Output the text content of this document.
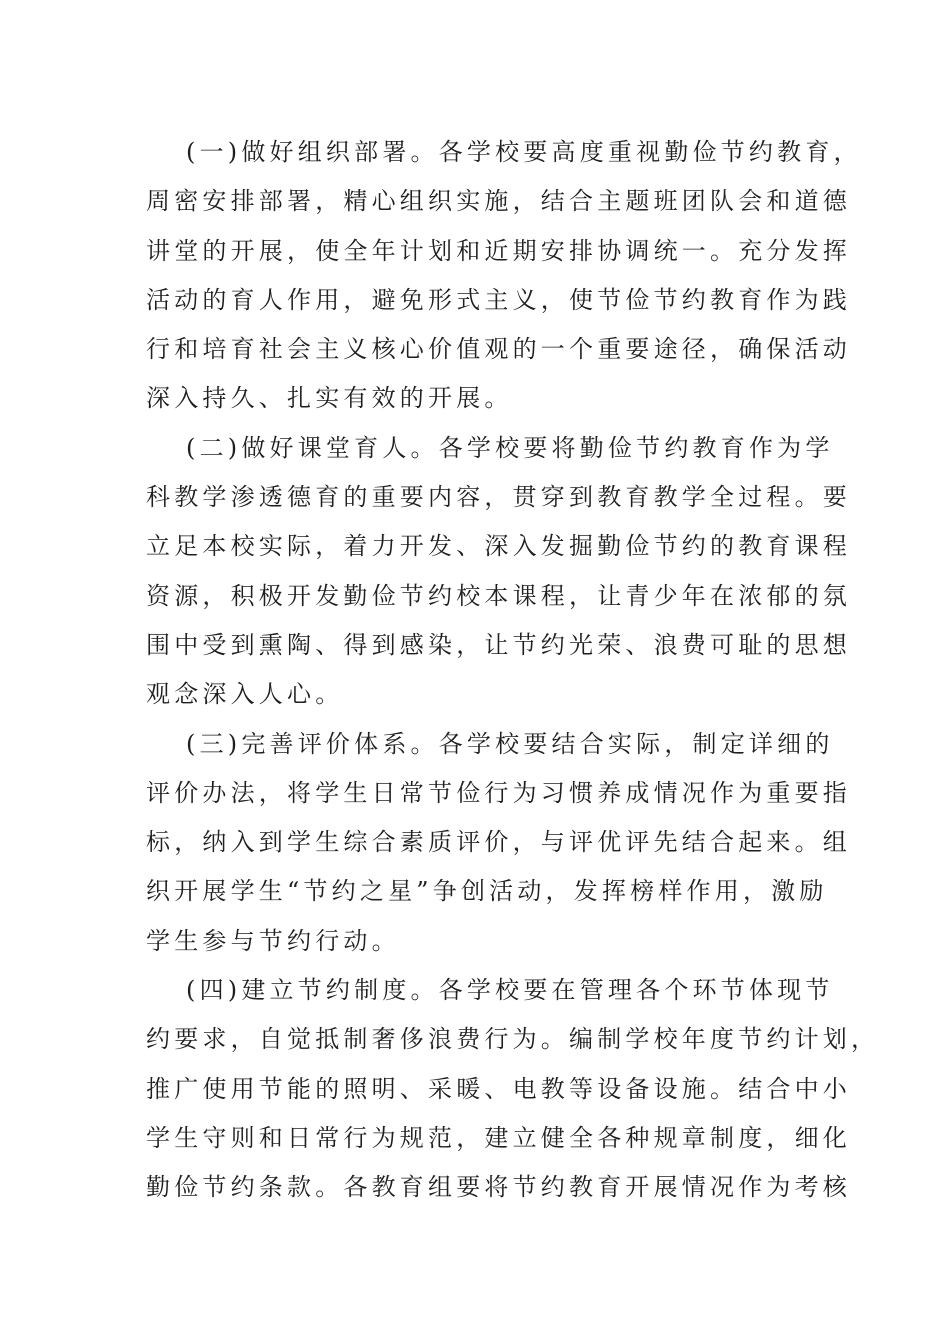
(一)做好组织部署。各学校要高度重视勤俭节约教育，
周密安排部署，精心组织实施，结合主题班团队会和道德
讲堂的开展，使全年计划和近期安排协调统一。充分发挥
活动的育人作用，避免形式主义，使节俭节约教育作为践
行和培育社会主义核心价值观的一个重要途径，确保活动
深入持久、扎实有效的开展。
(二)做好课堂育人。各学校要将勤俭节约教育作为学
科教学渗透德育的重要内容，贯穿到教育教学全过程。要
立足本校实际，着力开发、深入发掘勤俭节约的教育课程
资源，积极开发勤俭节约校本课程，让青少年在浓郁的氛
围中受到熏陶、得到感染，让节约光荣、浪费可耻的思想
观念深入人心。
(三)完善评价体系。各学校要结合实际，制定详细的
评价办法，将学生日常节俭行为习惯养成情况作为重要指
标，纳入到学生综合素质评价，与评优评先结合起来。组
织开展学生“节约之星”争创活动，发挥榜样作用，激励
学生参与节约行动。
(四)建立节约制度。各学校要在管理各个环节体现节
约要求，自觉抵制奢侈浪费行为。编制学校年度节约计划，
推广使用节能的照明、采暖、电教等设备设施。结合中小
学生守则和日常行为规范，建立健全各种规章制度，细化
勤俭节约条款。各教育组要将节约教育开展情况作为考核
